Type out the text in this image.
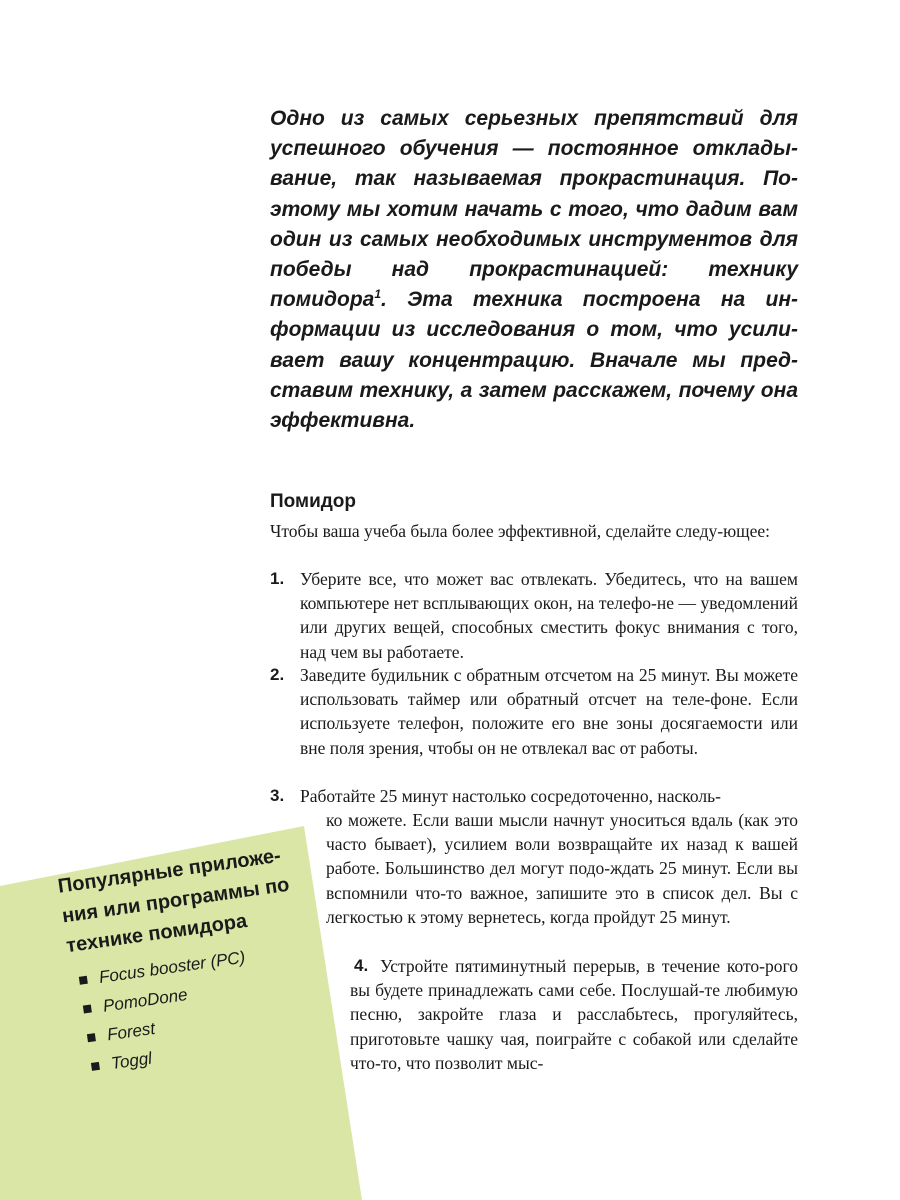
Одно из самых серьезных препятствий для успешного обучения — постоянное отклады-вание, так называемая прокрастинация. По-этому мы хотим начать с того, что дадим вам один из самых необходимых инструментов для победы над прокрастинацией: технику помидора$^1$. Эта техника построена на ин-формации из исследования о том, что усили-вает вашу концентрацию. Вначале мы пред-ставим технику, а затем расскажем, почему она эффективна.

Помидор

Чтобы ваша учеба была более эффективной, сделайте следу-ющее:

1. Уберите все, что может вас отвлекать. Убедитесь, что на вашем компьютере нет всплывающих окон, на телефо-не — уведомлений или других вещей, способных сместить фокус внимания с того, над чем вы работаете.

2. Заведите будильник с обратным отсчетом на 25 минут. Вы можете использовать таймер или обратный отсчет на теле-фоне. Если используете телефон, положите его вне зоны досягаемости или вне поля зрения, чтобы он не отвлекал вас от работы.

3. Работайте 25 минут настолько сосредоточенно, насколь-

ко можете. Если ваши мысли начнут уноситься вдаль (как это часто бывает), усилием воли возвращайте их назад к вашей работе. Большинство дел могут подо-ждать 25 минут. Если вы вспомнили что-то важное, запишите это в список дел. Вы с легкостью к этому вернетесь, когда пройдут 25 минут.

4. Устройте пятиминутный перерыв, в течение кото-рого вы будете принадлежать сами себе. Послушай-те любимую песню, закройте глаза и расслабьтесь, прогуляйтесь, приготовьте чашку чая, поиграйте с собакой или сделайте что-то, что позволит мыс-

Популярные приложе-ния или программы по технике помидора
Focus booster (PC)
PomoDone
Forest
Toggl
